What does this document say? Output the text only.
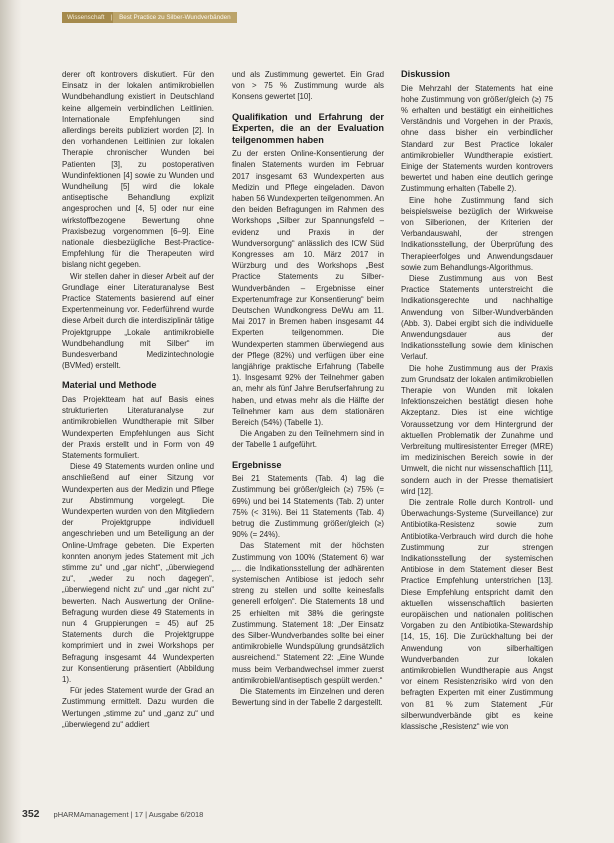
Wissenschaft |	Best Practice zu Silber-Wundverbänden

derer oft kontrovers diskutiert. Für den Einsatz in der lokalen antimikrobiellen Wundbehandlung existiert in Deutschland keine allgemein verbindlichen Leitlinien. Internationale Empfehlungen sind allerdings bereits publiziert worden [2]. In den vorhandenen Leitlinien zur lokalen Therapie chronischer Wunden bei Patienten [3], zu postoperativen Wundinfektionen [4] sowie zu Wunden und Wundheilung [5] wird die lokale antiseptische Behandlung explizit angesprochen und [4, 5] oder nur eine wirkstoffbezogene Bewertung ohne Praxisbezug vorgenommen [6–9]. Eine nationale diesbezügliche Best-Practice-Empfehlung für die Therapeuten wird bislang nicht gegeben.

Wir stellen daher in dieser Arbeit auf der Grundlage einer Literaturanalyse Best Practice Statements basierend auf einer Expertenmeinung vor. Federführend wurde diese Arbeit durch die interdisziplinär tätige Projektgruppe „Lokale antimikrobielle Wundbehandlung mit Silber“ im Bundesverband Medizintechnologie (BVMed) erstellt.

Material und Methode

Das Projektteam hat auf Basis eines strukturierten Literaturanalyse zur antimikrobiellen Wundtherapie mit Silber Wundexperten Empfehlungen aus Sicht der Praxis erstellt und in Form von 49 Statements formuliert.

Diese 49 Statements wurden online und anschließend auf einer Sitzung vor Wundexperten aus der Medizin und Pflege zur Abstimmung vorgelegt. Die Wundexperten wurden von den Mitgliedern der Projektgruppe individuell angeschrieben und um Beteiligung an der Online-Umfrage gebeten. Die Experten konnten anonym jedes Statement mit „ich stimme zu“ und „gar nicht“, „überwiegend zu“, „weder zu noch dagegen“, „überwiegend nicht zu“ und „gar nicht zu“ bewerten. Nach Auswertung der Online-Befragung wurden diese 49 Statements in nun 4 Gruppierungen = 45) auf 25 Statements durch die Projektgruppe komprimiert und in zwei Workshops per Befragung insgesamt 44 Wundexperten zur Konsentierung präsentiert (Abbildung 1).

Für jedes Statement wurde der Grad an Zustimmung ermittelt. Dazu wurden die Wertungen „stimme zu“ und „ganz zu“ und „überwiegend zu“ addiert

und als Zustimmung gewertet. Ein Grad von > 75 % Zustimmung wurde als Konsens gewertet [10].

Qualifikation und Erfahrung der Experten, die an der Evaluation teilgenommen haben

Zu der ersten Online-Konsentierung der finalen Statements wurden im Februar 2017 insgesamt 63 Wundexperten aus Medizin und Pflege eingeladen. Davon haben 56 Wundexperten teilgenommen. An den beiden Befragungen im Rahmen des Workshops „Silber zur Spannungsfeld – evidenz und Praxis in der Wundversorgung“ anlässlich des ICW Süd Kongresses am 10. März 2017 in Würzburg und des Workshops „Best Practice Statements zu Silber-Wundverbänden – Ergebnisse einer Expertenumfrage zur Konsentierung“ beim Deutschen Wundkongress DeWu am 11. Mai 2017 in Bremen haben insgesamt 44 Experten teilgenommen. Die Wundexperten stammen überwiegend aus der Pflege (82%) und verfügen über eine langjährige praktische Erfahrung (Tabelle 1). Insgesamt 92% der Teilnehmer gaben an, mehr als fünf Jahre Berufserfahrung zu haben, und etwas mehr als die Hälfte der Teilnehmer kam aus dem stationären Bereich (54%) (Tabelle 1).

Die Angaben zu den Teilnehmern sind in der Tabelle 1 aufgeführt.

Ergebnisse

Bei 21 Statements (Tab. 4) lag die Zustimmung bei größer/gleich (≥) 75% (= 69%) und bei 14 Statements (Tab. 2) unter 75% (< 31%). Bei 11 Statements (Tab. 4) betrug die Zustimmung größer/gleich (≥) 90% (= 24%).

Das Statement mit der höchsten Zustimmung von 100% (Statement 6) war „... die Indikationsstellung der adhärenten systemischen Antibiose ist jedoch sehr streng zu stellen und sollte keinesfalls generell erfolgen“. Die Statements 18 und 25 erhielten mit 38% die geringste Zustimmung. Statement 18: „Der Einsatz des Silber-Wundverbandes sollte bei einer antimikrobielle Wundspülung grundsätzlich ausreichend.“ Statement 22: „Eine Wunde muss beim Verbandwechsel immer zuerst antimikrobiell/antiseptisch gespült werden.“

Die Statements im Einzelnen und deren Bewertung sind in der Tabelle 2 dargestellt.

Diskussion

Die Mehrzahl der Statements hat eine hohe Zustimmung von größer/gleich (≥) 75 % erhalten und bestätigt ein einheitliches Verständnis und Vorgehen in der Praxis, ohne dass bisher ein verbindlicher Standard zur Best Practice lokaler antimikrobieller Wundtherapie existiert. Einige der Statements wurden kontrovers bewertet und haben eine deutlich geringe Zustimmung erhalten (Tabelle 2).

Eine hohe Zustimmung fand sich beispielsweise bezüglich der Wirkweise von Silberionen, der Kriterien der Verbandauswahl, der strengen Indikationsstellung, der Überprüfung des Therapieerfolges und Anwendungsdauer sowie zum Behandlungs-Algorithmus.

Diese Zustimmung aus von Best Practice Statements unterstreicht die Indikationsgerechte und nachhaltige Anwendung von Silber-Wundverbänden (Abb. 3). Dabei ergibt sich die individuelle Anwendungsdauer aus der Indikationsstellung sowie dem klinischen Verlauf.

Die hohe Zustimmung aus der Praxis zum Grundsatz der lokalen antimikrobiellen Therapie von Wunden mit lokalen Infektionszeichen bestätigt diesen hohe Akzeptanz. Dies ist eine wichtige Voraussetzung vor dem Hintergrund der aktuellen Problematik der Zunahme und Verbreitung multiresistenter Erreger (MRE) im medizinischen Bereich sowie in der Umwelt, die nicht nur wissenschaftlich [11], sondern auch in der Presse thematisiert wird [12].

Die zentrale Rolle durch Kontroll- und Überwachungs-Systeme (Surveillance) zur Antibiotika-Resistenz sowie zum Antibiotika-Verbrauch wird durch die hohe Zustimmung zur strengen Indikationsstellung der systemischen Antibiose in dem Statement dieser Best Practice Empfehlung unterstrichen [13]. Diese Empfehlung entspricht damit den aktuellen wissenschaftlich basierten europäischen und nationalen politischen Vorgaben zu den Antibiotika-Stewardship [14, 15, 16]. Die Zurückhaltung bei der Anwendung von silberhaltigen Wundverbanden zur lokalen antimikrobiellen Wundtherapie aus Angst vor einem Resistenzrisiko wird von den befragten Experten mit einer Zustimmung von 81 % zum Statement „Für silberwundverbände gibt es keine klassische „Resistenz“ wie von

352 pHARMAmanagement | 17 | Ausgabe 6/2018
